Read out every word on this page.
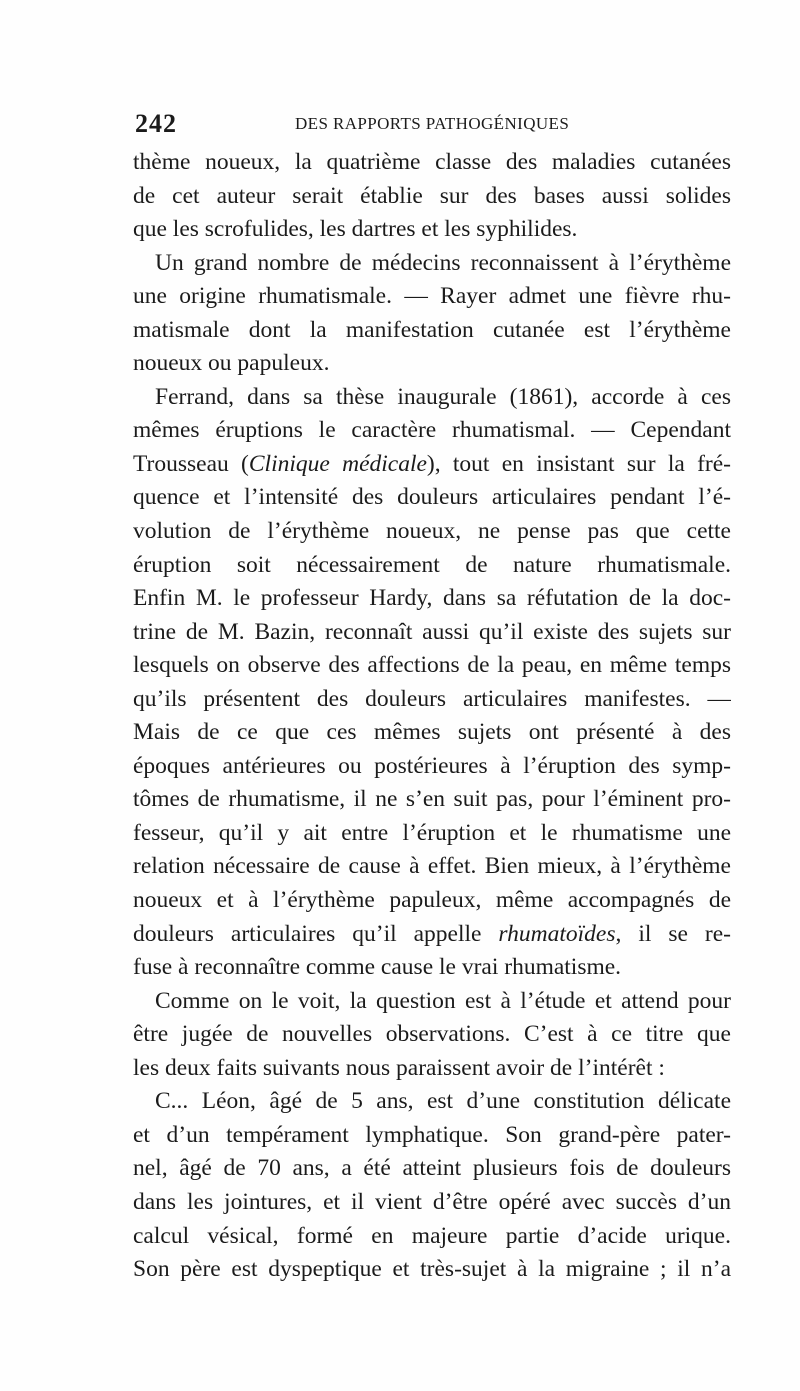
242	DES RAPPORTS PATHOGÉNIQUES
thème noueux, la quatrième classe des maladies cutanées
de cet auteur serait établie sur des bases aussi solides
que les scrofulides, les dartres et les syphilides.
Un grand nombre de médecins reconnaissent à l’érythème
une origine rhumatismale. — Rayer admet une fièvre rhu-
matismale dont la manifestation cutanée est l’érythème
noueux ou papuleux.
Ferrand, dans sa thèse inaugurale (1861), accorde à ces
mêmes éruptions le caractère rhumatismal. — Cependant
Trousseau (Clinique médicale), tout en insistant sur la fré-
quence et l’intensité des douleurs articulaires pendant l’é-
volution de l’érythème noueux, ne pense pas que cette
éruption soit nécessairement de nature rhumatismale.
Enfin M. le professeur Hardy, dans sa réfutation de la doc-
trine de M. Bazin, reconnaît aussi qu’il existe des sujets sur
lesquels on observe des affections de la peau, en même temps
qu’ils présentent des douleurs articulaires manifestes. —
Mais de ce que ces mêmes sujets ont présenté à des
époques antérieures ou postérieures à l’éruption des symp-
tômes de rhumatisme, il ne s’en suit pas, pour l’éminent pro-
fesseur, qu’il y ait entre l’éruption et le rhumatisme une
relation nécessaire de cause à effet. Bien mieux, à l’érythème
noueux et à l’érythème papuleux, même accompagnés de
douleurs articulaires qu’il appelle rhumatoïdes, il se re-
fuse à reconnaître comme cause le vrai rhumatisme.
Comme on le voit, la question est à l’étude et attend pour
être jugée de nouvelles observations. C’est à ce titre que
les deux faits suivants nous paraissent avoir de l’intérêt :
C... Léon, âgé de 5 ans, est d’une constitution délicate
et d’un tempérament lymphatique. Son grand-père pater-
nel, âgé de 70 ans, a été atteint plusieurs fois de douleurs
dans les jointures, et il vient d’être opéré avec succès d’un
calcul vésical, formé en majeure partie d’acide urique.
Son père est dyspeptique et très-sujet à la migraine ; il n’a
